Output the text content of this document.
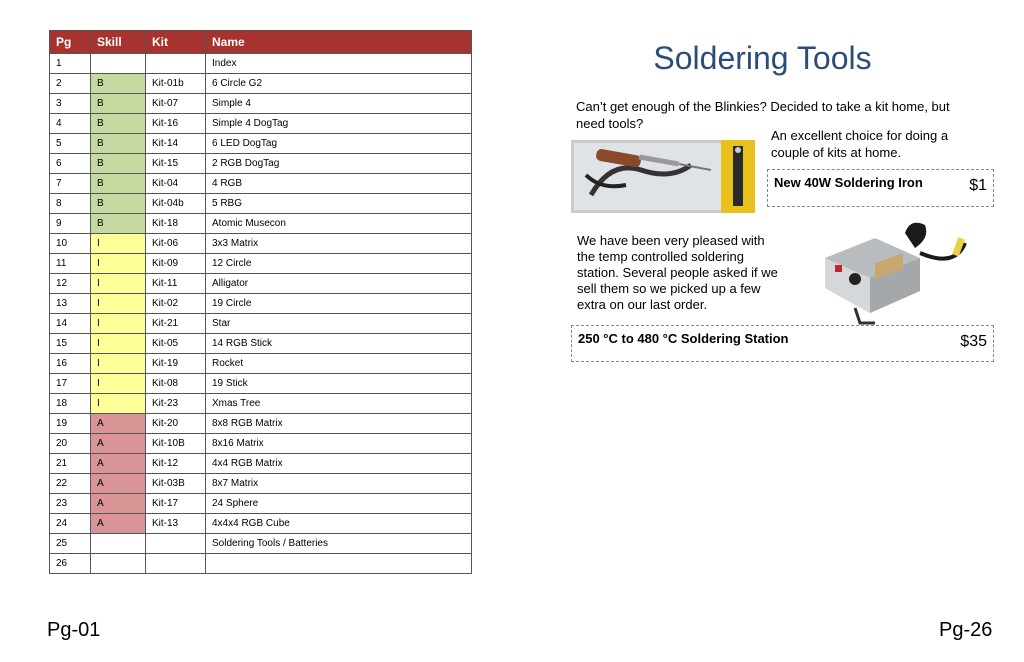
Pg	Skill	Kit	Name
1			Index
2	B	Kit-01b	6 Circle G2
3	B	Kit-07	Simple 4
4	B	Kit-16	Simple 4 DogTag
5	B	Kit-14	6 LED DogTag
6	B	Kit-15	2 RGB DogTag
7	B	Kit-04	4 RGB
8	B	Kit-04b	5 RBG
9	B	Kit-18	Atomic Musecon
10	I	Kit-06	3x3 Matrix
11	I	Kit-09	12 Circle
12	I	Kit-11	Alligator
13	I	Kit-02	19 Circle
14	I	Kit-21	Star
15	I	Kit-05	14 RGB Stick
16	I	Kit-19	Rocket
17	I	Kit-08	19 Stick
18	I	Kit-23	Xmas Tree
19	A	Kit-20	8x8 RGB Matrix
20	A	Kit-10B	8x16 Matrix
21	A	Kit-12	4x4 RGB Matrix
22	A	Kit-03B	8x7 Matrix
23	A	Kit-17	24 Sphere
24	A	Kit-13	4x4x4 RGB Cube
25			Soldering Tools / Batteries
26			
Soldering Tools

Can’t get enough of the Blinkies? Decided to take a kit home, but need tools?

An excellent choice for doing a couple of kits at home.

New 40W Soldering Iron	$1

We have been very pleased with the temp controlled soldering station. Several people asked if we sell them so we picked up a few extra on our last order.

250 °C to 480 °C Soldering Station	$35
Pg-01	Pg-26
